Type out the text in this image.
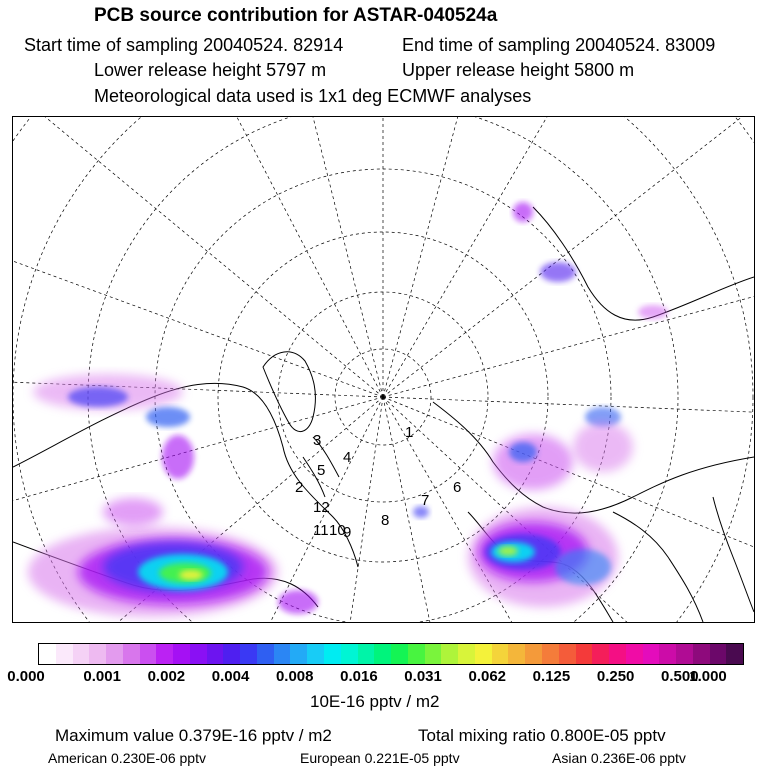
PCB source contribution for ASTAR-040524a
Start time of sampling 20040524. 82914	End time of sampling 20040524. 83009
Lower release height 5797 m	Upper release height 5800 m
Meteorological data used is 1x1 deg ECMWF analyses
1
2
3
4
5
6
7
8
9
10
11
12
0.000	0.001 0.002 0.004 0.008 0.016 0.031 0.062 0.125 0.250 0.500
1.000
10E-16 pptv / m2
Maximum value 0.379E-16 pptv / m2	Total mixing ratio 0.800E-05 pptv
American 0.230E-06 pptv	European 0.221E-05 pptv	Asian 0.236E-06 pptv
